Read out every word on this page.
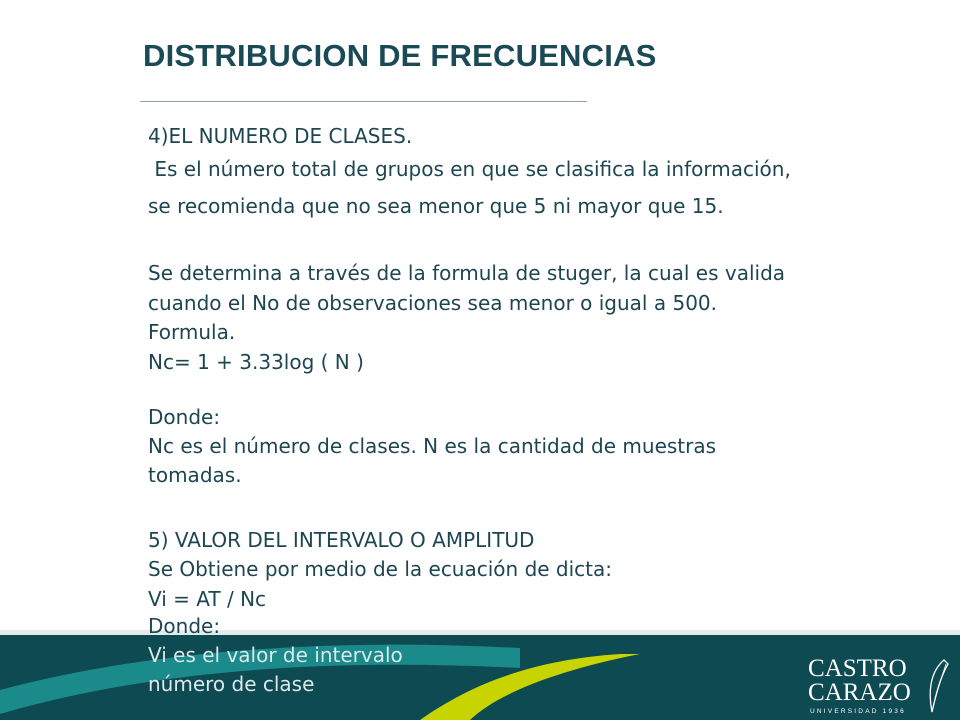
DISTRIBUCION DE FRECUENCIAS
4)EL NUMERO DE CLASES.
Es el número total de grupos en que se clasifica la información,
se recomienda que no sea menor que 5 ni mayor que 15.
Se determina a través de la formula de stuger, la cual es valida
cuando el No de observaciones sea menor o igual a 500.
Formula.
Nc= 1 + 3.33log ( N )
Donde:
Nc es el número de clases. N es la cantidad de muestras
tomadas.
5) VALOR DEL INTERVALO O AMPLITUD
Se Obtiene por medio de la ecuación de dicta:
Vi = AT / Nc
Donde:
Vi es el valor de intervalo
número de clase
CASTRO
CARAZO
UNIVERSIDAD 1936
